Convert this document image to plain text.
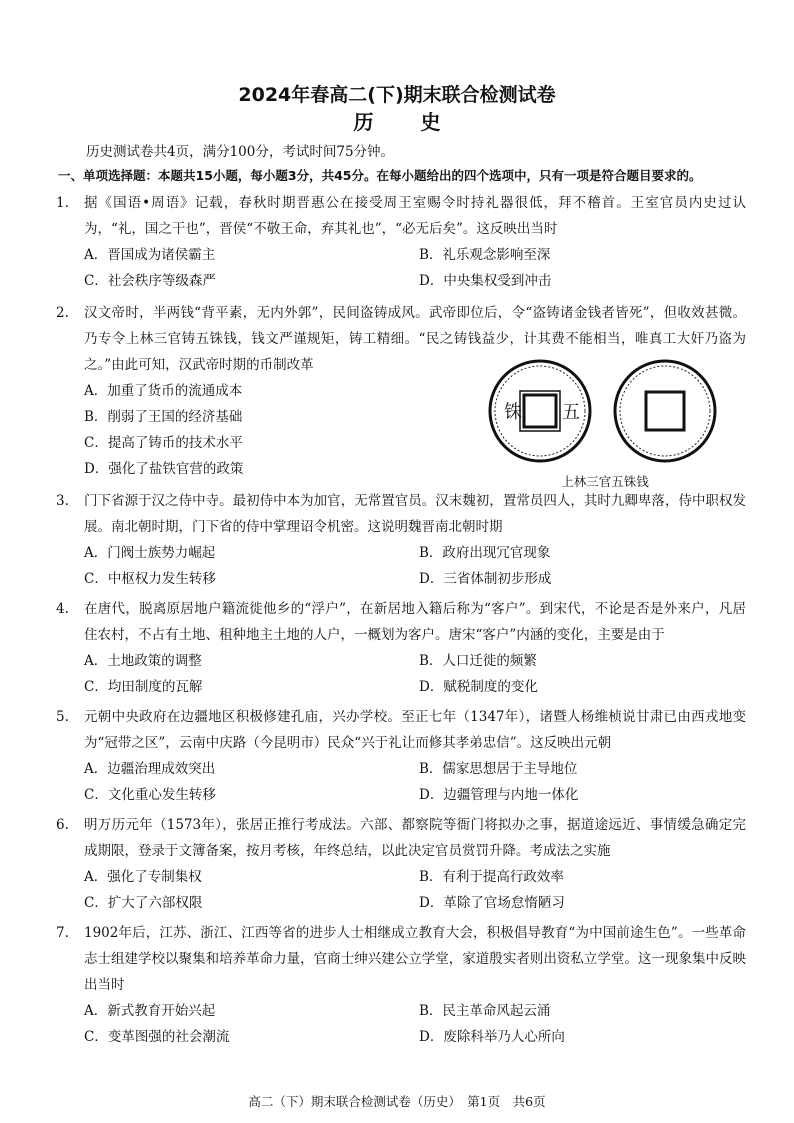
2024年春高二(下)期末联合检测试卷
历 史
历史测试卷共4页，满分100分，考试时间75分钟。
一、单项选择题：本题共15小题，每小题3分，共45分。在每小题给出的四个选项中，只有一项是符合题目要求的。
1. 据《国语•周语》记载，春秋时期晋惠公在接受周王室赐令时持礼器很低，拜不稽首。王室官员内史过认为，“礼，国之干也”，晋侯“不敬王命，弃其礼也”，“必无后矣”。这反映出当时
A．晋国成为诸侯霸主	B．礼乐观念影响至深
C．社会秩序等级森严	D．中央集权受到冲击
2. 汉文帝时，半两钱“背平素，无内外郭”，民间盗铸成风。武帝即位后，令“盗铸诸金钱者皆死”，但收效甚微。乃专令上林三官铸五铢钱，钱文严谨规矩，铸工精细。“民之铸钱益少，计其费不能相当，唯真工大奸乃盗为之。”由此可知，汉武帝时期的币制改革
A．加重了货币的流通成本
B．削弱了王国的经济基础
C．提高了铸币的技术水平
D．强化了盐铁官营的政策
铢 五
上林三官五铢钱
3. 门下省源于汉之侍中寺。最初侍中本为加官，无常置官员。汉末魏初，置常员四人，其时九卿卑落，侍中职权发展。南北朝时期，门下省的侍中掌理诏令机密。这说明魏晋南北朝时期
A．门阀士族势力崛起	B．政府出现冗官现象
C．中枢权力发生转移	D．三省体制初步形成
4. 在唐代，脱离原居地户籍流徙他乡的“浮户”，在新居地入籍后称为“客户”。到宋代，不论是否是外来户，凡居住农村，不占有土地、租种地主土地的人户，一概划为客户。唐宋“客户”内涵的变化，主要是由于
A．土地政策的调整	B．人口迁徙的频繁
C．均田制度的瓦解	D．赋税制度的变化
5. 元朝中央政府在边疆地区积极修建孔庙，兴办学校。至正七年（1347年），诸暨人杨维桢说甘肃已由西戎地变为“冠带之区”，云南中庆路（今昆明市）民众“兴于礼让而修其孝弟忠信”。这反映出元朝
A．边疆治理成效突出	B．儒家思想居于主导地位
C．文化重心发生转移	D．边疆管理与内地一体化
6. 明万历元年（1573年），张居正推行考成法。六部、都察院等衙门将拟办之事，据道途远近、事情缓急确定完成期限，登录于文簿备案，按月考核，年终总结，以此决定官员赏罚升降。考成法之实施
A．强化了专制集权	B．有利于提高行政效率
C．扩大了六部权限	D．革除了官场怠惰陋习
7. 1902年后，江苏、浙江、江西等省的进步人士相继成立教育大会，积极倡导教育“为中国前途生色”。一些革命志士组建学校以聚集和培养革命力量，官商士绅兴建公立学堂，家道殷实者则出资私立学堂。这一现象集中反映出当时
A．新式教育开始兴起	B．民主革命风起云涌
C．变革图强的社会潮流	D．废除科举乃人心所向
高二（下）期末联合检测试卷（历史）　第1页　共6页
